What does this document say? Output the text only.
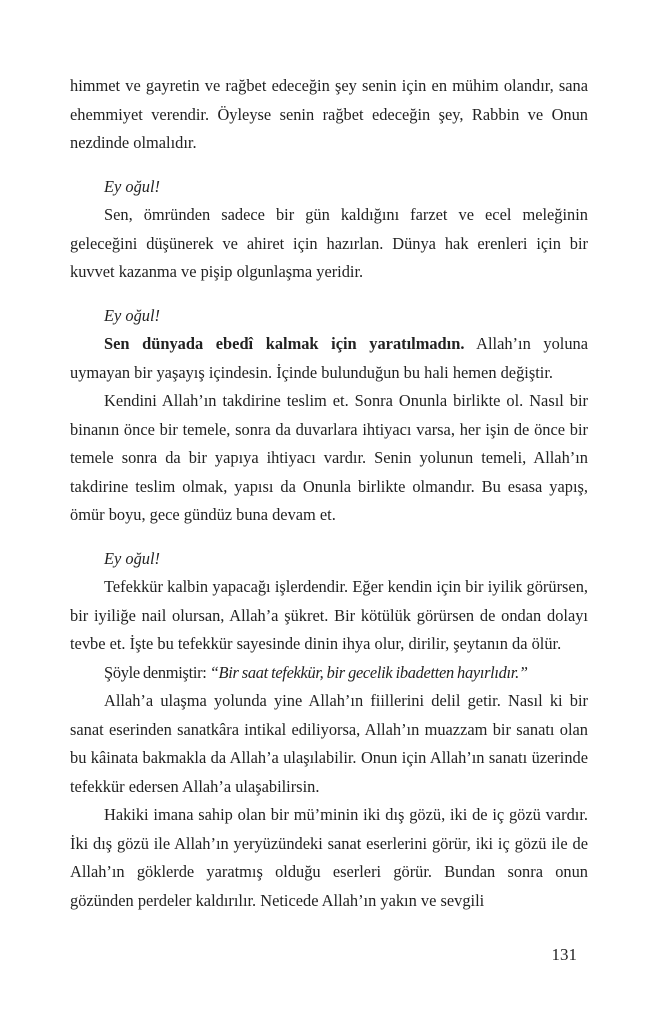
himmet ve gayretin ve rağbet edeceğin şey senin için en mühim olandır, sana ehemmiyet verendir. Öyleyse senin rağbet edeceğin şey, Rabbin ve Onun nezdinde olmalıdır.

Ey oğul!

Sen, ömründen sadece bir gün kaldığını farzet ve ecel meleğinin geleceğini düşünerek ve ahiret için hazırlan. Dünya hak erenleri için bir kuvvet kazanma ve pişip olgunlaşma yeridir.

Ey oğul!

Sen dünyada ebedî kalmak için yaratılmadın. Allah’ın yoluna uymayan bir yaşayış içindesin. İçinde bulunduğun bu hali hemen değiştir.

Kendini Allah’ın takdirine teslim et. Sonra Onunla birlikte ol. Nasıl bir binanın önce bir temele, sonra da duvarlara ihtiyacı varsa, her işin de önce bir temele sonra da bir yapıya ihtiyacı vardır. Senin yolunun temeli, Allah’ın takdirine teslim olmak, yapısı da Onunla birlikte olmandır. Bu esasa yapış, ömür boyu, gece gündüz buna devam et.

Ey oğul!

Tefekkür kalbin yapacağı işlerdendir. Eğer kendin için bir iyilik görürsen, bir iyiliğe nail olursan, Allah’a şükret. Bir kötülük görürsen de ondan dolayı tevbe et. İşte bu tefekkür sayesinde dinin ihya olur, dirilir, şeytanın da ölür.

Şöyle denmiştir: “Bir saat tefekkür, bir gecelik ibadetten hayırlıdır.”

Allah’a ulaşma yolunda yine Allah’ın fiillerini delil getir. Nasıl ki bir sanat eserinden sanatkâra intikal ediliyorsa, Allah’ın muazzam bir sanatı olan bu kâinata bakmakla da Allah’a ulaşılabilir. Onun için Allah’ın sanatı üzerinde tefekkür edersen Allah’a ulaşabilirsin.

Hakiki imana sahip olan bir mü’minin iki dış gözü, iki de iç gözü vardır. İki dış gözü ile Allah’ın yeryüzündeki sanat eserlerini görür, iki iç gözü ile de Allah’ın göklerde yaratmış olduğu eserleri görür. Bundan sonra onun gözünden perdeler kaldırılır. Neticede Allah’ın yakın ve sevgili

131
